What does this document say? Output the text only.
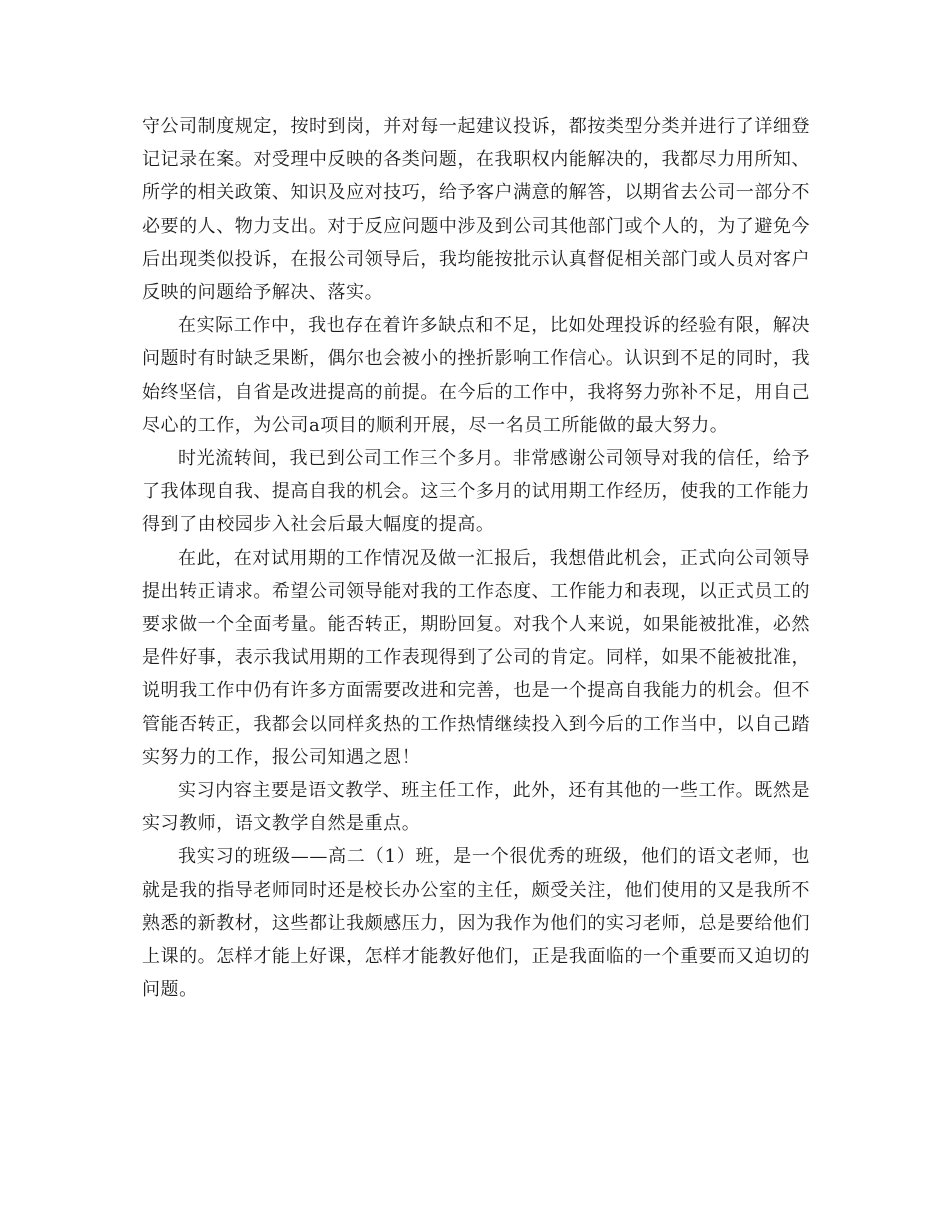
守公司制度规定，按时到岗，并对每一起建议投诉，都按类型分类并进行了详细登记记录在案。对受理中反映的各类问题，在我职权内能解决的，我都尽力用所知、所学的相关政策、知识及应对技巧，给予客户满意的解答，以期省去公司一部分不必要的人、物力支出。对于反应问题中涉及到公司其他部门或个人的，为了避免今后出现类似投诉，在报公司领导后，我均能按批示认真督促相关部门或人员对客户反映的问题给予解决、落实。

在实际工作中，我也存在着许多缺点和不足，比如处理投诉的经验有限，解决问题时有时缺乏果断，偶尔也会被小的挫折影响工作信心。认识到不足的同时，我始终坚信，自省是改进提高的前提。在今后的工作中，我将努力弥补不足，用自己尽心的工作，为公司a项目的顺利开展，尽一名员工所能做的最大努力。

时光流转间，我已到公司工作三个多月。非常感谢公司领导对我的信任，给予了我体现自我、提高自我的机会。这三个多月的试用期工作经历，使我的工作能力得到了由校园步入社会后最大幅度的提高。

在此，在对试用期的工作情况及做一汇报后，我想借此机会，正式向公司领导提出转正请求。希望公司领导能对我的工作态度、工作能力和表现，以正式员工的要求做一个全面考量。能否转正，期盼回复。对我个人来说，如果能被批准，必然是件好事，表示我试用期的工作表现得到了公司的肯定。同样，如果不能被批准，说明我工作中仍有许多方面需要改进和完善，也是一个提高自我能力的机会。但不管能否转正，我都会以同样炙热的工作热情继续投入到今后的工作当中，以自己踏实努力的工作，报公司知遇之恩！

实习内容主要是语文教学、班主任工作，此外，还有其他的一些工作。既然是实习教师，语文教学自然是重点。

我实习的班级——高二（1）班，是一个很优秀的班级，他们的语文老师，也就是我的指导老师同时还是校长办公室的主任，颇受关注，他们使用的又是我所不熟悉的新教材，这些都让我颇感压力，因为我作为他们的实习老师，总是要给他们上课的。怎样才能上好课，怎样才能教好他们，正是我面临的一个重要而又迫切的问题。
